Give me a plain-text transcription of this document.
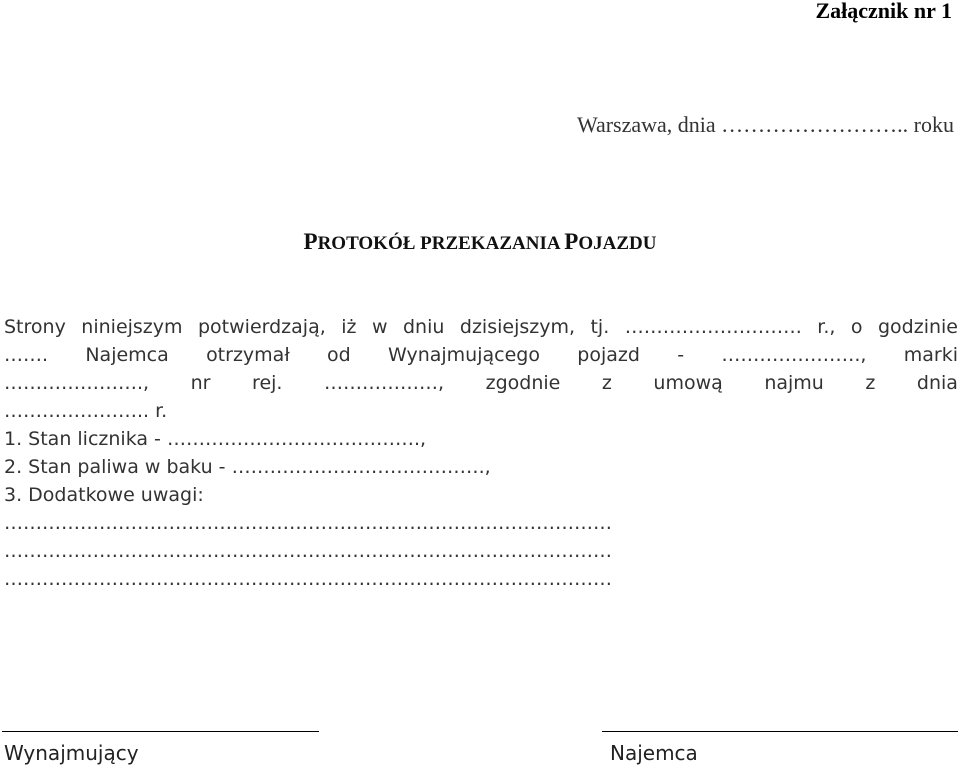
Załącznik nr 1
Warszawa, dnia …………………….. roku
PROTOKÓŁ PRZEKAZANIA POJAZDU
Strony niniejszym potwierdzają, iż w dniu dzisiejszym, tj. ………………………. r., o godzinie
……. Najemca otrzymał od Wynajmującego pojazd - …………………., marki
…………………., nr rej. ………………, zgodnie z umową najmu z dnia
………………….. r.
1. Stan licznika - ………………………………….,
2. Stan paliwa w baku - ………………………………….,
3. Dodatkowe uwagi:
……………………………………………………………………………………
……………………………………………………………………………………
……………………………………………………………………………………
Wynajmujący	Najemca
